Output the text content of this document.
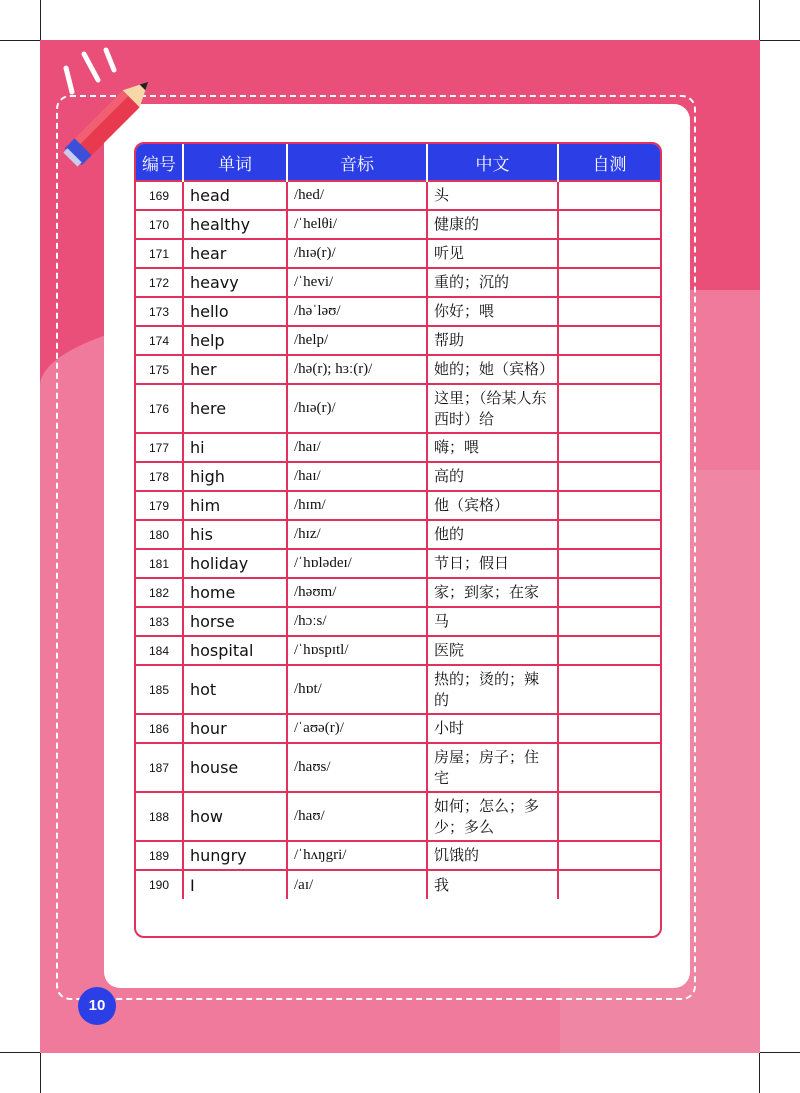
编号	单词	音标	中文	自测
169	head	/hed/	头	
170	healthy	/ˈhelθi/	健康的	
171	hear	/hɪə(r)/	听见	
172	heavy	/ˈhevi/	重的；沉的	
173	hello	/həˈləʊ/	你好；喂	
174	help	/help/	帮助	
175	her	/hə(r); hɜː(r)/	她的；她（宾格）	
176	here	/hɪə(r)/	这里；（给某人东西时）给	
177	hi	/haɪ/	嗨；喂	
178	high	/haɪ/	高的	
179	him	/hɪm/	他（宾格）	
180	his	/hɪz/	他的	
181	holiday	/ˈhɒlədeɪ/	节日；假日	
182	home	/həʊm/	家；到家；在家	
183	horse	/hɔːs/	马	
184	hospital	/ˈhɒspɪtl/	医院	
185	hot	/hɒt/	热的；烫的；辣的	
186	hour	/ˈaʊə(r)/	小时	
187	house	/haʊs/	房屋；房子；住宅	
188	how	/haʊ/	如何；怎么；多少；多么	
189	hungry	/ˈhʌŋgri/	饥饿的	
190	I	/aɪ/	我	
10
